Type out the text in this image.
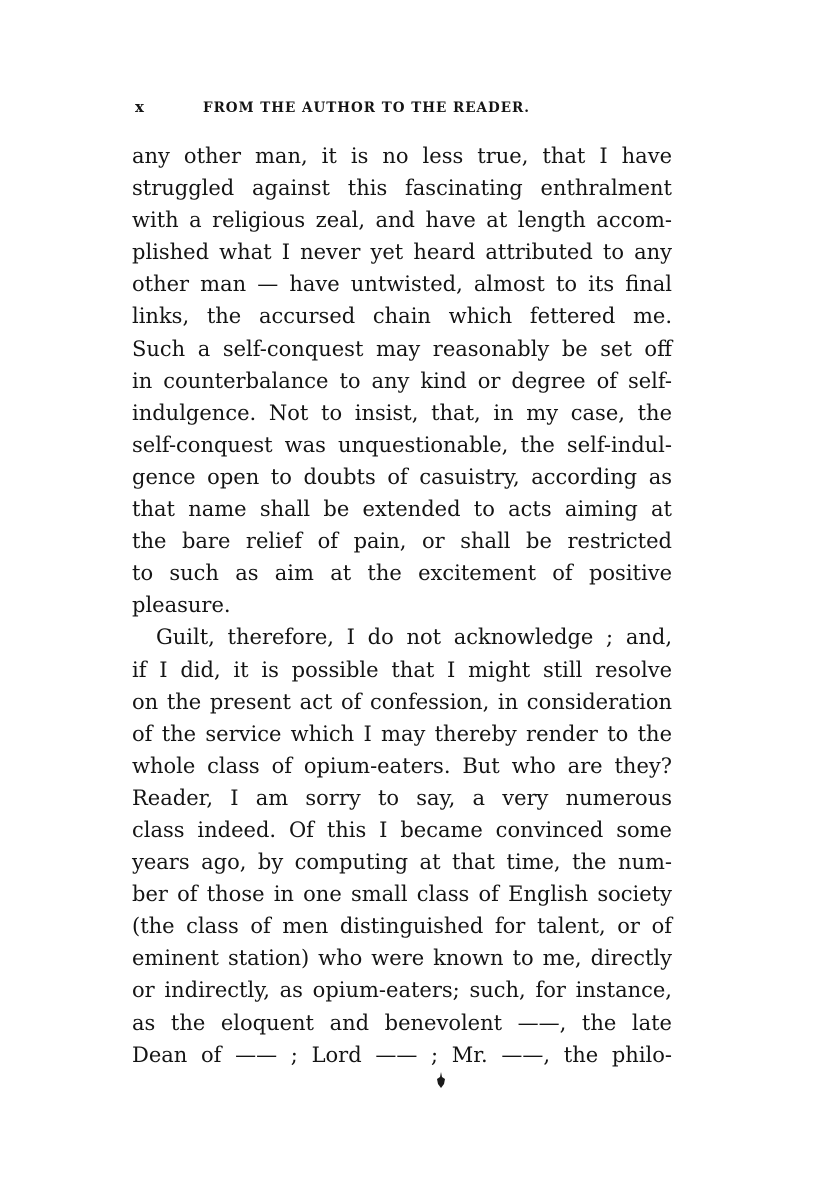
x	FROM THE AUTHOR TO THE READER.
any other man, it is no less true, that I have
struggled against this fascinating enthralment
with a religious zeal, and have at length accom-
plished what I never yet heard attributed to any
other man — have untwisted, almost to its final
links, the accursed chain which fettered me.
Such a self-conquest may reasonably be set off
in counterbalance to any kind or degree of self-
indulgence. Not to insist, that, in my case, the
self-conquest was unquestionable, the self-indul-
gence open to doubts of casuistry, according as
that name shall be extended to acts aiming at
the bare relief of pain, or shall be restricted
to such as aim at the excitement of positive
pleasure.
Guilt, therefore, I do not acknowledge ; and,
if I did, it is possible that I might still resolve
on the present act of confession, in consideration
of the service which I may thereby render to the
whole class of opium-eaters. But who are they?
Reader, I am sorry to say, a very numerous
class indeed. Of this I became convinced some
years ago, by computing at that time, the num-
ber of those in one small class of English society
(the class of men distinguished for talent, or of
eminent station) who were known to me, directly
or indirectly, as opium-eaters; such, for instance,
as the eloquent and benevolent ——, the late
Dean of —— ; Lord —— ; Mr. ——, the philo-
